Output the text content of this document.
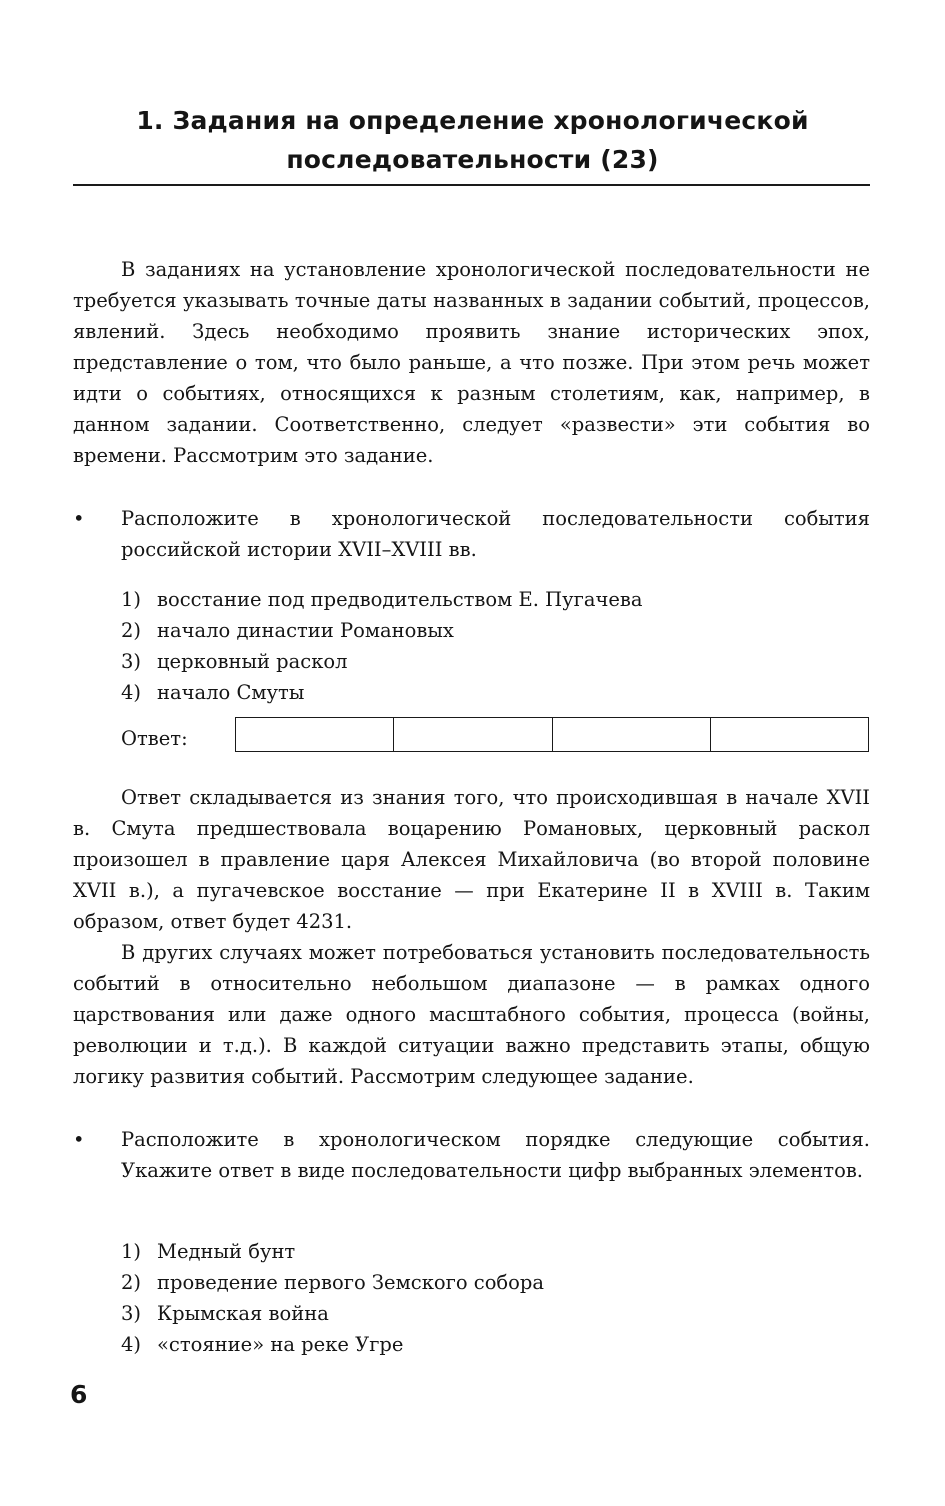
1. Задания на определение хронологической
последовательности (23)

В заданиях на установление хронологической последовательности не требуется указывать точные даты названных в задании событий, процессов, явлений. Здесь необходимо проявить знание исторических эпох, представление о том, что было раньше, а что позже. При этом речь может идти о событиях, относящихся к разным столетиям, как, например, в данном задании. Соответственно, следует «развести» эти события во времени. Рассмотрим это задание.

• Расположите в хронологической последовательности события российской истории XVII–XVIII вв.

1) восстание под предводительством Е. Пугачева
2) начало династии Романовых
3) церковный раскол
4) начало Смуты
Ответ:

Ответ складывается из знания того, что происходившая в начале XVII в. Смута предшествовала воцарению Романовых, церковный раскол произошел в правление царя Алексея Михайловича (во второй половине XVII в.), а пугачевское восстание — при Екатерине II в XVIII в. Таким образом, ответ будет 4231.

В других случаях может потребоваться установить последовательность событий в относительно небольшом диапазоне — в рамках одного царствования или даже одного масштабного события, процесса (войны, революции и т.д.). В каждой ситуации важно представить этапы, общую логику развития событий. Рассмотрим следующее задание.

• Расположите в хронологическом порядке следующие события. Укажите ответ в виде последовательности цифр выбранных элементов.

1) Медный бунт
2) проведение первого Земского собора
3) Крымская война
4) «стояние» на реке Угре
6
